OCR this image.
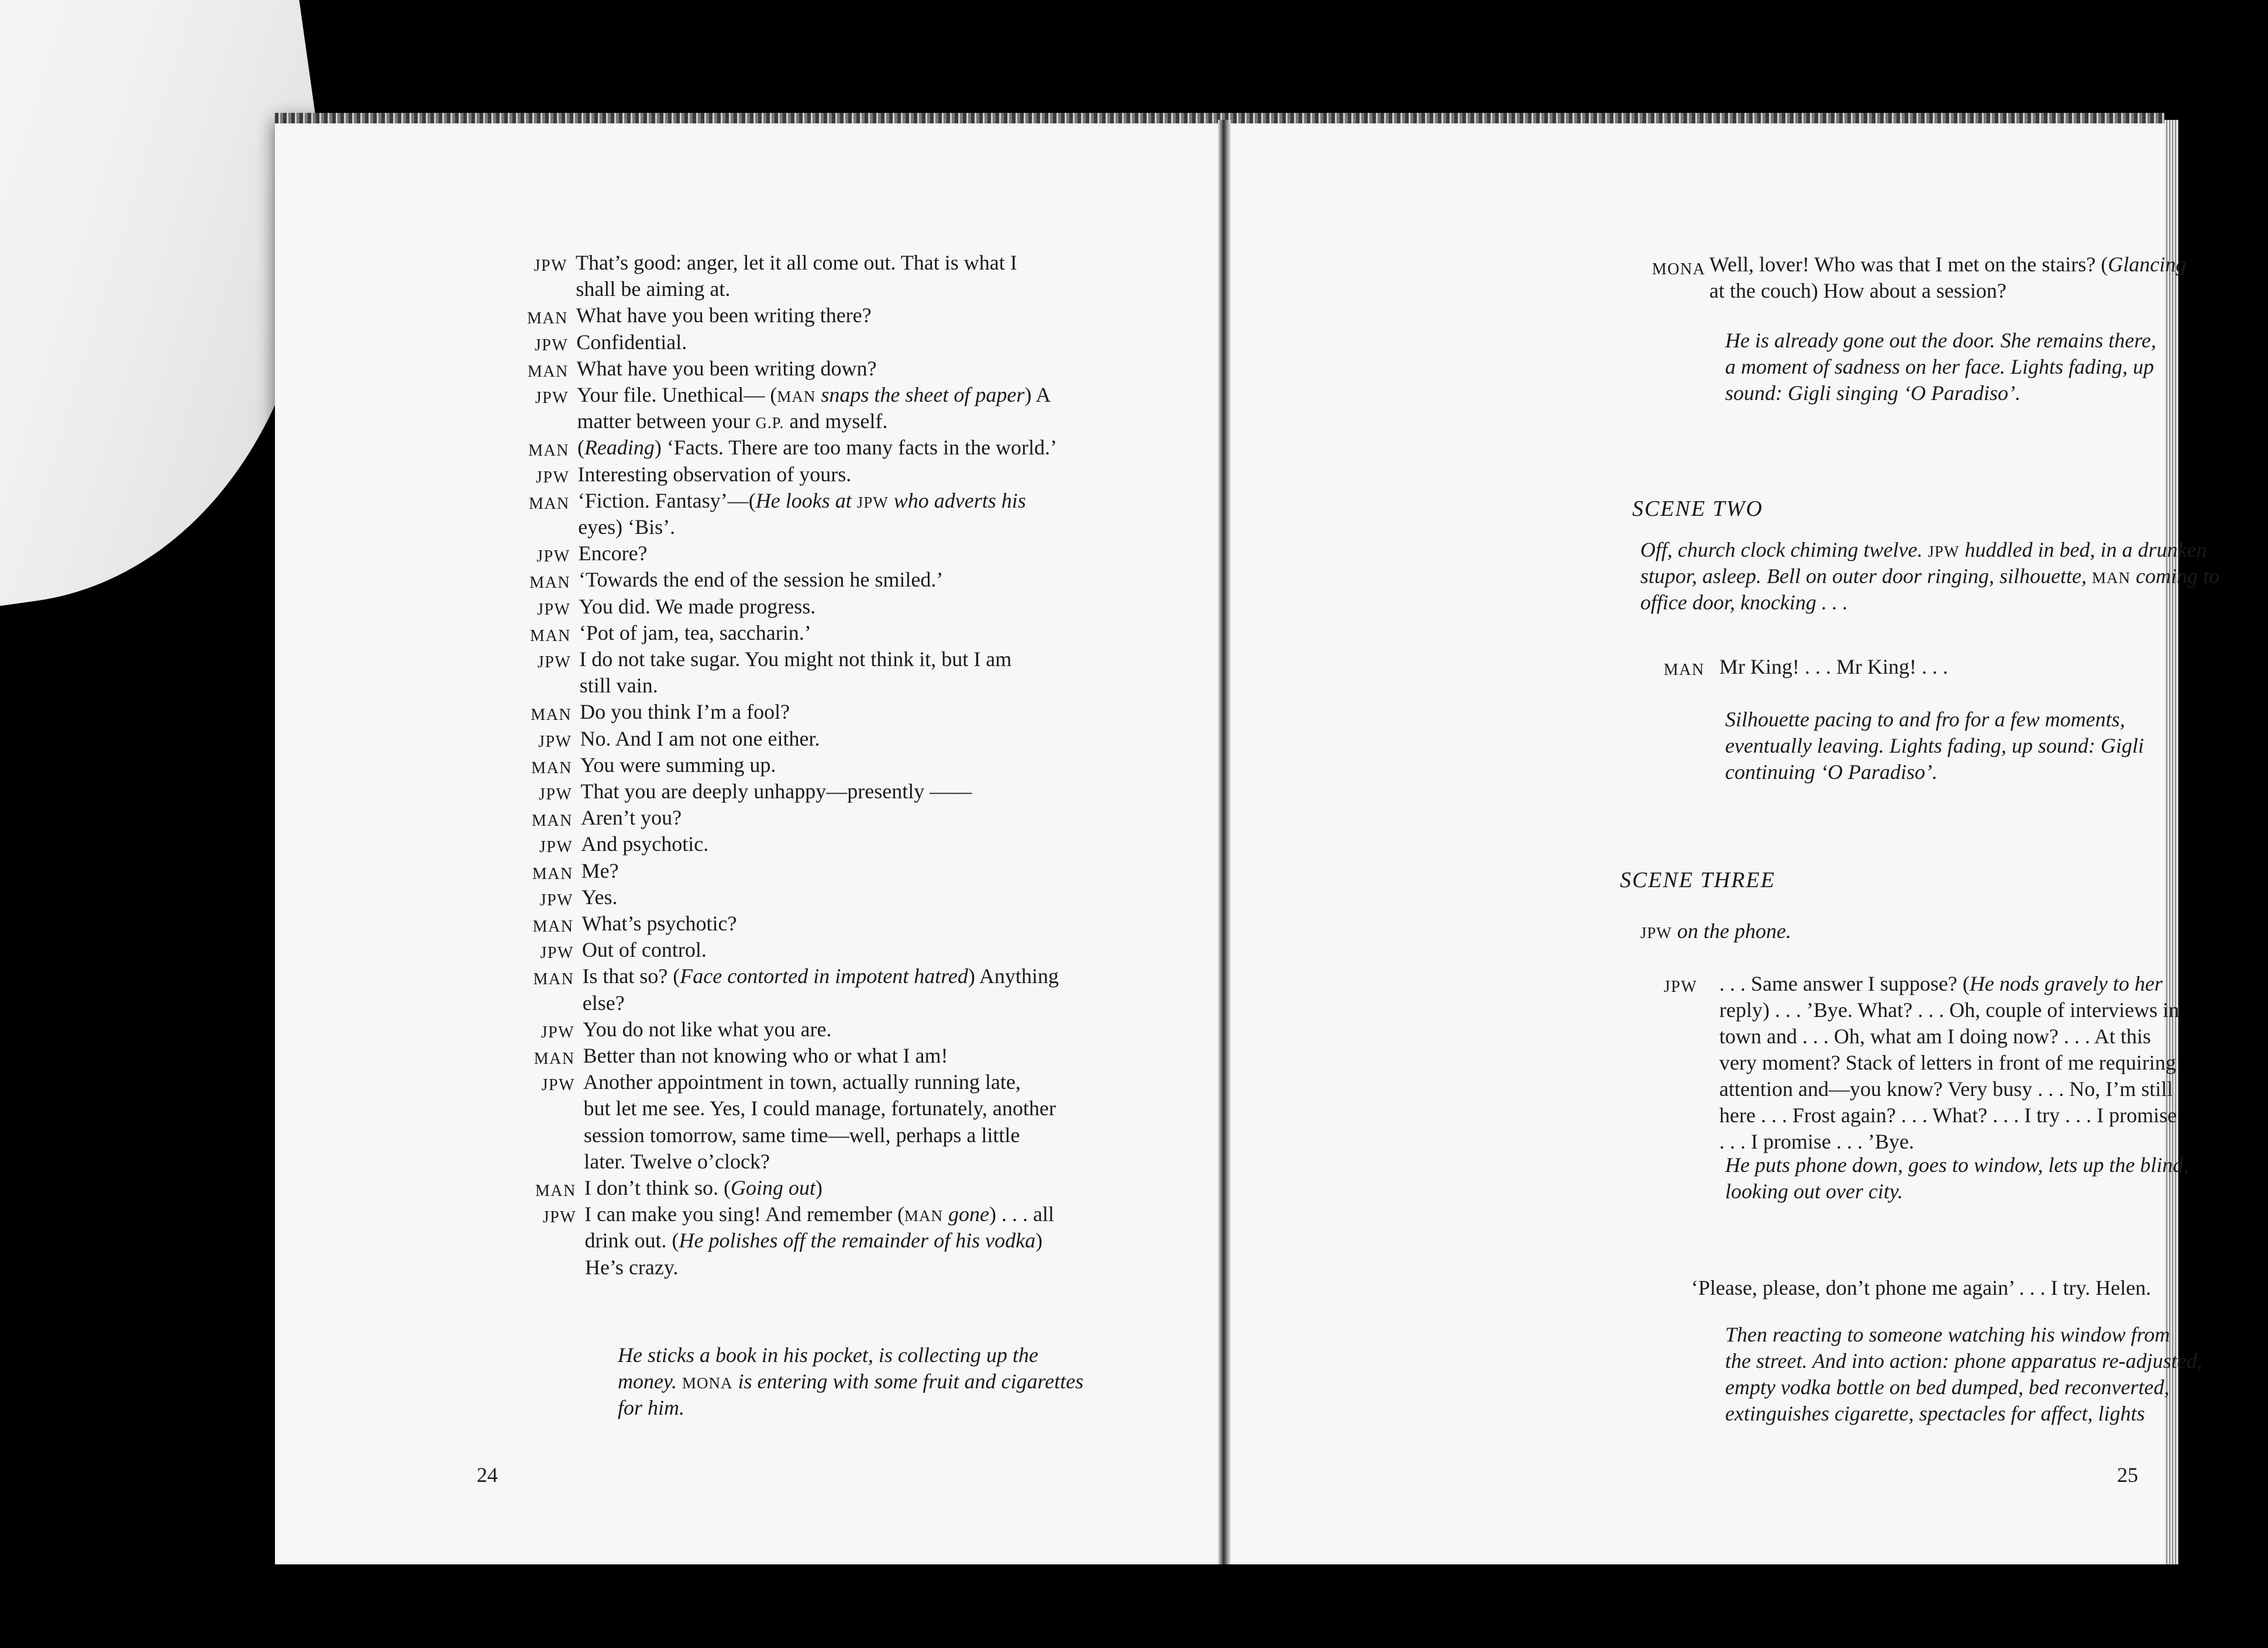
JPW That’s good: anger, let it all come out. That is what I
shall be aiming at.
MAN What have you been writing there?
JPW Confidential.
MAN What have you been writing down?
JPW Your file. Unethical— (MAN snaps the sheet of paper) A
matter between your G.P. and myself.
MAN (Reading) ‘Facts. There are too many facts in the world.’
JPW Interesting observation of yours.
MAN ‘Fiction. Fantasy’—(He looks at JPW who adverts his
eyes) ‘Bis’.
JPW Encore?
MAN ‘Towards the end of the session he smiled.’
JPW You did. We made progress.
MAN ‘Pot of jam, tea, saccharin.’
JPW I do not take sugar. You might not think it, but I am
still vain.
MAN Do you think I’m a fool?
JPW No. And I am not one either.
MAN You were summing up.
JPW That you are deeply unhappy—presently ——
MAN Aren’t you?
JPW And psychotic.
MAN Me?
JPW Yes.
MAN What’s psychotic?
JPW Out of control.
MAN Is that so? (Face contorted in impotent hatred) Anything
else?
JPW You do not like what you are.
MAN Better than not knowing who or what I am!
JPW Another appointment in town, actually running late,
but let me see. Yes, I could manage, fortunately, another
session tomorrow, same time—well, perhaps a little
later. Twelve o’clock?
MAN I don’t think so. (Going out)
JPW I can make you sing! And remember (MAN gone) . . . all
drink out. (He polishes off the remainder of his vodka)
He’s crazy.
He sticks a book in his pocket, is collecting up the
money. MONA is entering with some fruit and cigarettes
for him.
24
MONA Well, lover! Who was that I met on the stairs? (Glancing
at the couch) How about a session?
He is already gone out the door. She remains there,
a moment of sadness on her face. Lights fading, up
sound: Gigli singing ‘O Paradiso’.
SCENE TWO
Off, church clock chiming twelve. JPW huddled in bed, in a drunken
stupor, asleep. Bell on outer door ringing, silhouette, MAN coming to
office door, knocking . . .
MAN Mr King! . . . Mr King! . . .
Silhouette pacing to and fro for a few moments,
eventually leaving. Lights fading, up sound: Gigli
continuing ‘O Paradiso’.
SCENE THREE
JPW on the phone.
JPW . . . Same answer I suppose? (He nods gravely to her
reply) . . . ’Bye. What? . . . Oh, couple of interviews in
town and . . . Oh, what am I doing now? . . . At this
very moment? Stack of letters in front of me requiring
attention and—you know? Very busy . . . No, I’m still
here . . . Frost again? . . . What? . . . I try . . . I promise
. . . I promise . . . ’Bye.
He puts phone down, goes to window, lets up the blind,
looking out over city.
‘Please, please, don’t phone me again’ . . . I try. Helen.
Then reacting to someone watching his window from
the street. And into action: phone apparatus re-adjusted,
empty vodka bottle on bed dumped, bed reconverted,
extinguishes cigarette, spectacles for affect, lights
25
